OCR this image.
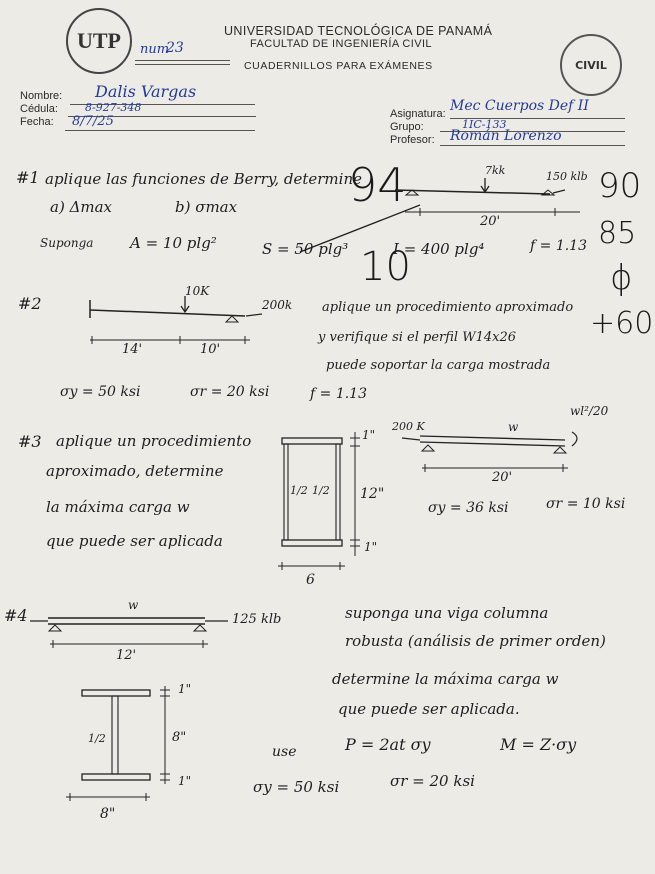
UTP	UNIVERSIDAD TECNOLÓGICA DE PANAMÁ
FACULTAD DE INGENIERÍA CIVIL
CUADERNILLOS PARA EXÁMENES
num
23
CIVIL
Nombre: Dalis Vargas
Cédula: 8-927-348
Fecha: 8/7/25	Asignatura: Mec Cuerpos Def II
Grupo:	1IC-133
Profesor: Román Lorenzo
94	90
85
ϕ
+60
10
#1 aplique las funciones de Berry, determine
a) Δmax	b) σmax
Suponga A = 10 plg²	S = 50 plg³	I = 400 plg⁴	f = 1.13
7kk	150 klb
20'
#2
10K
200k
14'	10'
aplique un procedimiento aproximado
y verifique si el perfil W14x26
puede soportar la carga mostrada
σy = 50 ksi	σr = 20 ksi	f = 1.13
#3 aplique un procedimiento
aproximado, determine
la máxima carga w
que puede ser aplicada
1"
12"
1"
1/2 1/2
6
200 K	w
wl²/20
20'
σy = 36 ksi	σr = 10 ksi
#4
w
125 klb
12'
suponga una viga columna
robusta (análisis de primer orden)
determine la máxima carga w
que puede ser aplicada.
1"
8"
1"
1/2
8"
use	P = 2at σy	M = Z·σy
σy = 50 ksi	σr = 20 ksi
